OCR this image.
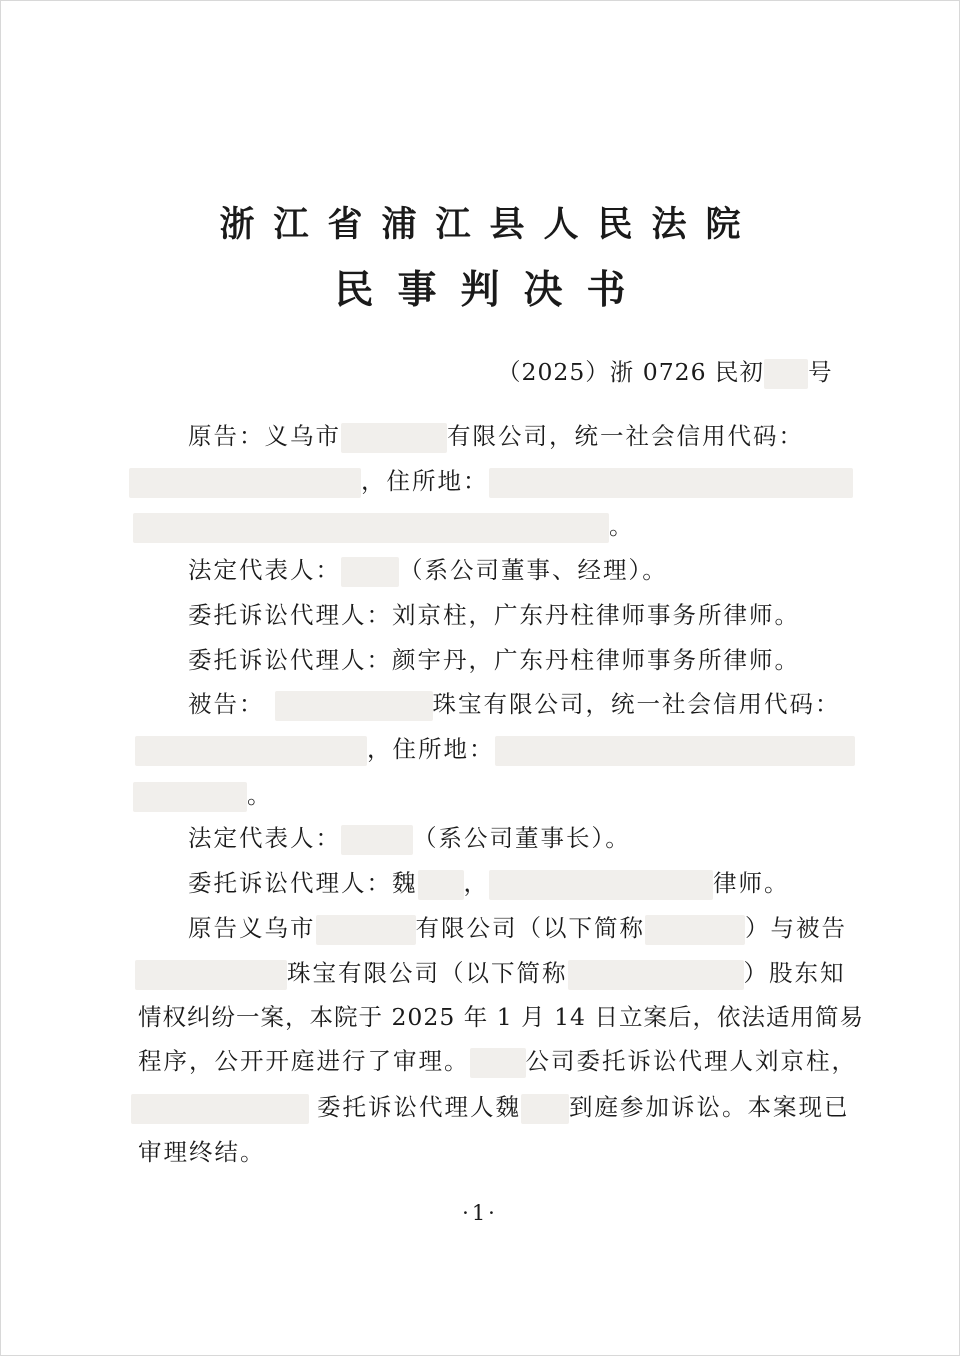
浙江省浦江县人民法院
民事判决书
（2025）浙 0726 民初 号
原告：义乌市	有限公司，统一社会信用代码：
，住所地：
。
法定代表人： （系公司董事、经理）。
委托诉讼代理人：刘京柱，广东丹柱律师事务所律师。
委托诉讼代理人：颜宇丹，广东丹柱律师事务所律师。
被告：	珠宝有限公司，统一社会信用代码：
，住所地：
。
法定代表人：	（系公司董事长）。
委托诉讼代理人：魏 ，	律师。
原告义乌市	有限公司（以下简称	）与被告
珠宝有限公司（以下简称	）股东知
情权纠纷一案，本院于 2025 年 1 月 14 日立案后，依法适用简易
程序，公开开庭进行了审理。 公司委托诉讼代理人刘京柱，
委托诉讼代理人魏 到庭参加诉讼。本案现已
审理终结。
·1·
